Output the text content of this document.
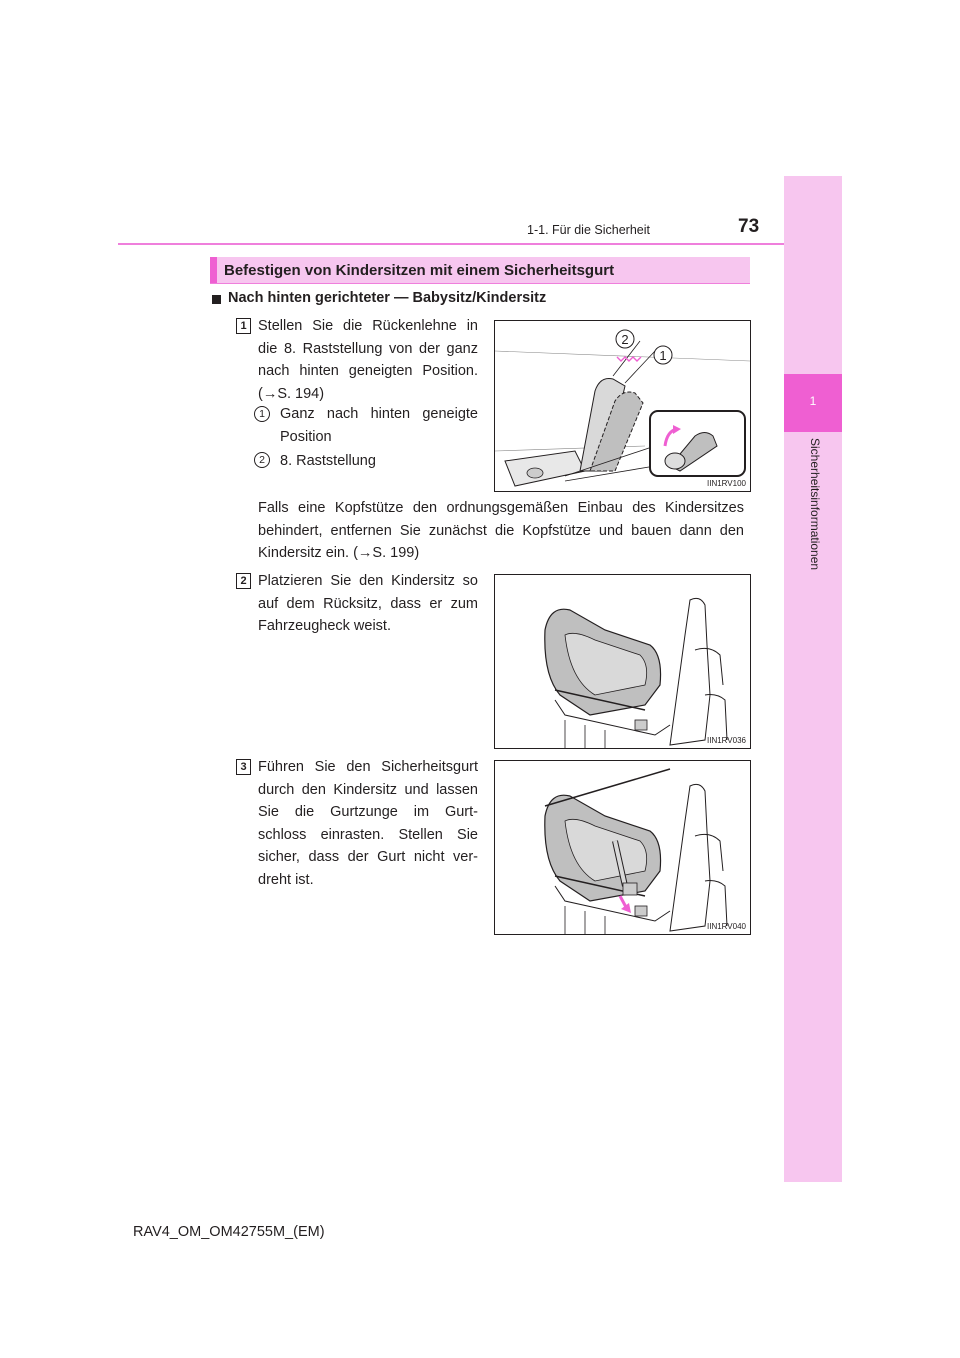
1
Sicherheitsinformationen
1-1. Für die Sicherheit	73
Befestigen von Kindersitzen mit einem Sicherheitsgurt
Nach hinten gerichteter — Babysitz/Kindersitz
1 Stellen Sie die Rückenlehne in
die 8. Raststellung von der ganz
nach hinten geneigten Position.
(→S. 194)
1	Ganz nach hinten geneigte
Position
2	8. Raststellung
Falls eine Kopfstütze den ordnungsgemäßen Einbau des Kindersitzes
behindert, entfernen Sie zunächst die Kopfstütze und bauen dann den
Kindersitz ein. (→S. 199)
2
1
IIN1RV100
2 Platzieren Sie den Kindersitz so
auf dem Rücksitz, dass er zum
Fahrzeugheck weist.
IIN1RV036
3 Führen Sie den Sicherheitsgurt
durch den Kindersitz und lassen
Sie die Gurtzunge im Gurt-
schloss einrasten. Stellen Sie
sicher, dass der Gurt nicht ver-
dreht ist.
IIN1RV040
RAV4_OM_OM42755M_(EM)
